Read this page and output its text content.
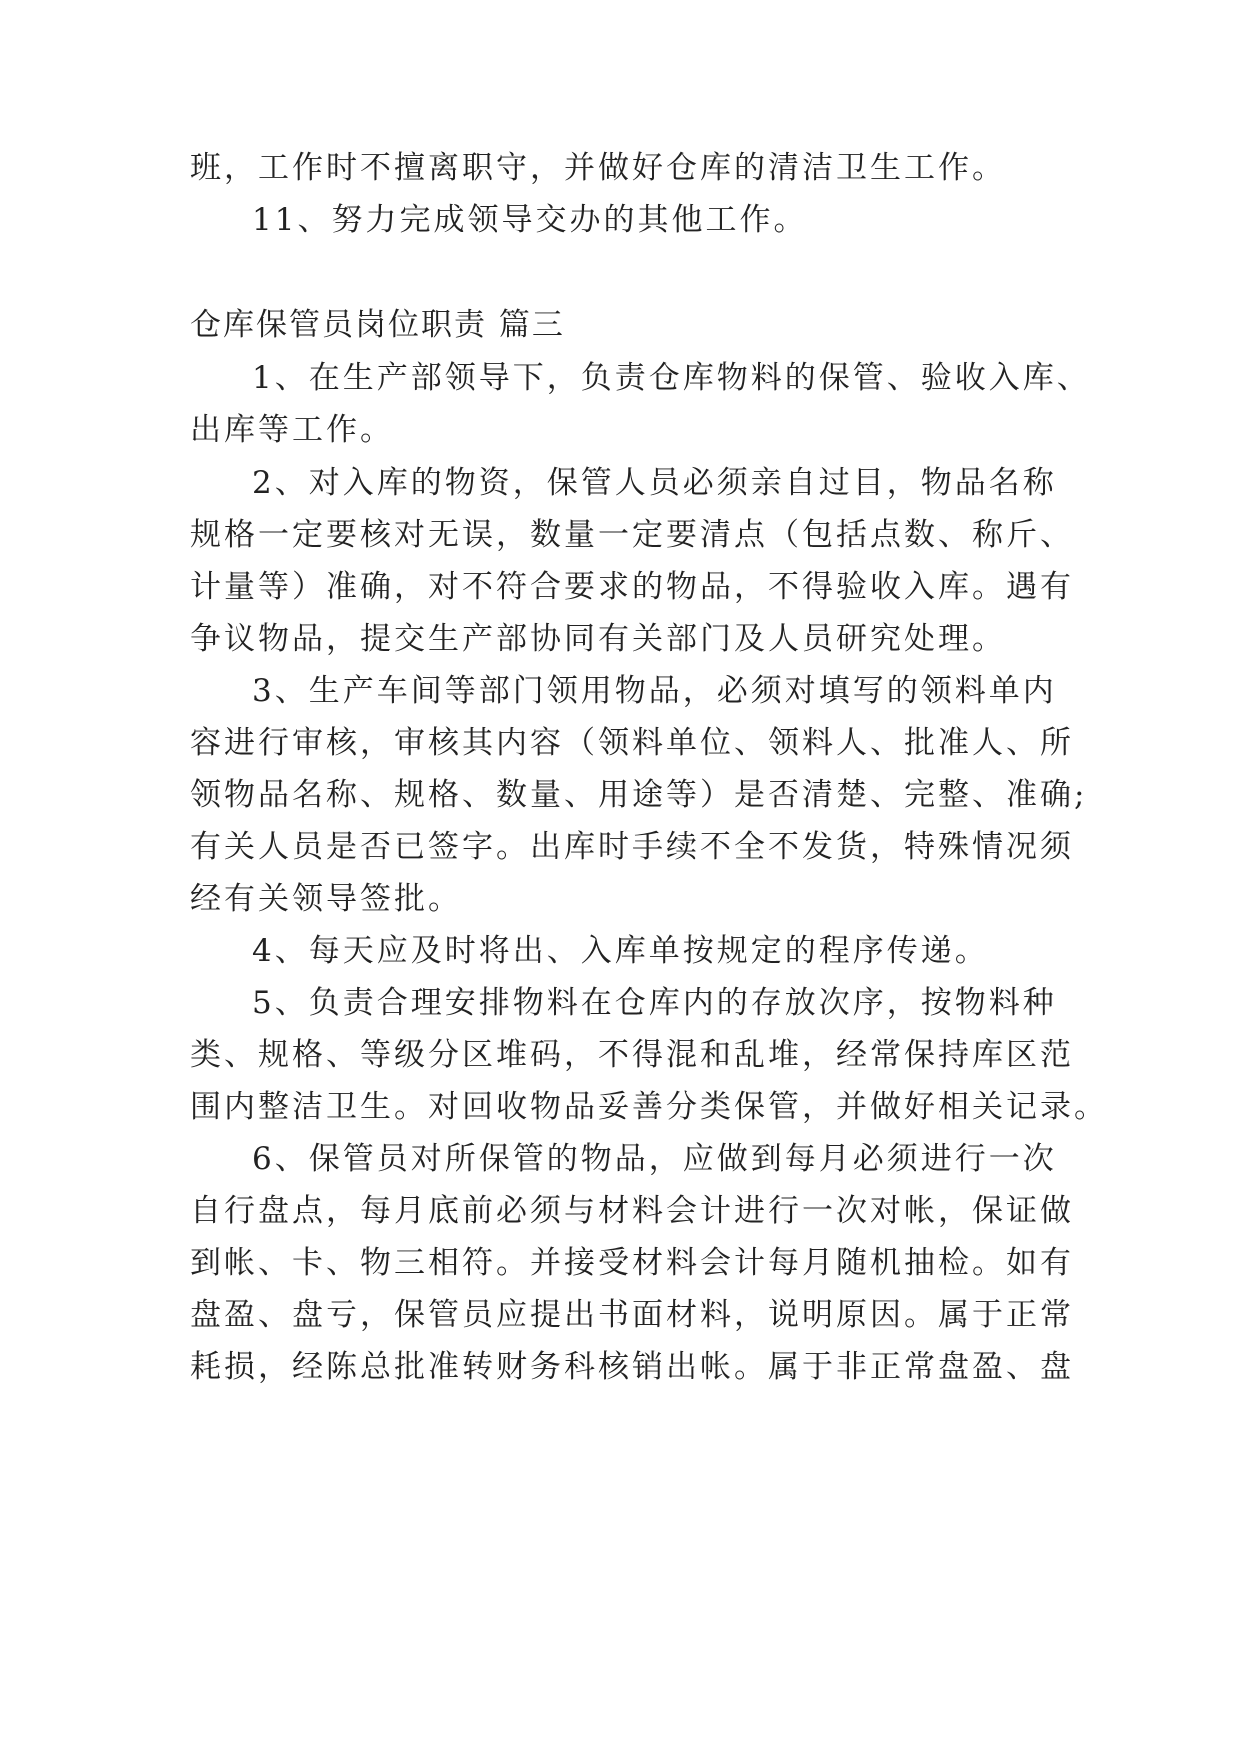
班，工作时不擅离职守，并做好仓库的清洁卫生工作。
11、努力完成领导交办的其他工作。
仓库保管员岗位职责 篇三
1、在生产部领导下，负责仓库物料的保管、验收入库、
出库等工作。
2、对入库的物资，保管人员必须亲自过目，物品名称
规格一定要核对无误，数量一定要清点（包括点数、称斤、
计量等）准确，对不符合要求的物品，不得验收入库。遇有
争议物品，提交生产部协同有关部门及人员研究处理。
3、生产车间等部门领用物品，必须对填写的领料单内
容进行审核，审核其内容（领料单位、领料人、批准人、所
领物品名称、规格、数量、用途等）是否清楚、完整、准确;
有关人员是否已签字。出库时手续不全不发货，特殊情况须
经有关领导签批。
4、每天应及时将出、入库单按规定的程序传递。
5、负责合理安排物料在仓库内的存放次序，按物料种
类、规格、等级分区堆码，不得混和乱堆，经常保持库区范
围内整洁卫生。对回收物品妥善分类保管，并做好相关记录。
6、保管员对所保管的物品，应做到每月必须进行一次
自行盘点，每月底前必须与材料会计进行一次对帐，保证做
到帐、卡、物三相符。并接受材料会计每月随机抽检。如有
盘盈、盘亏，保管员应提出书面材料，说明原因。属于正常
耗损，经陈总批准转财务科核销出帐。属于非正常盘盈、盘
